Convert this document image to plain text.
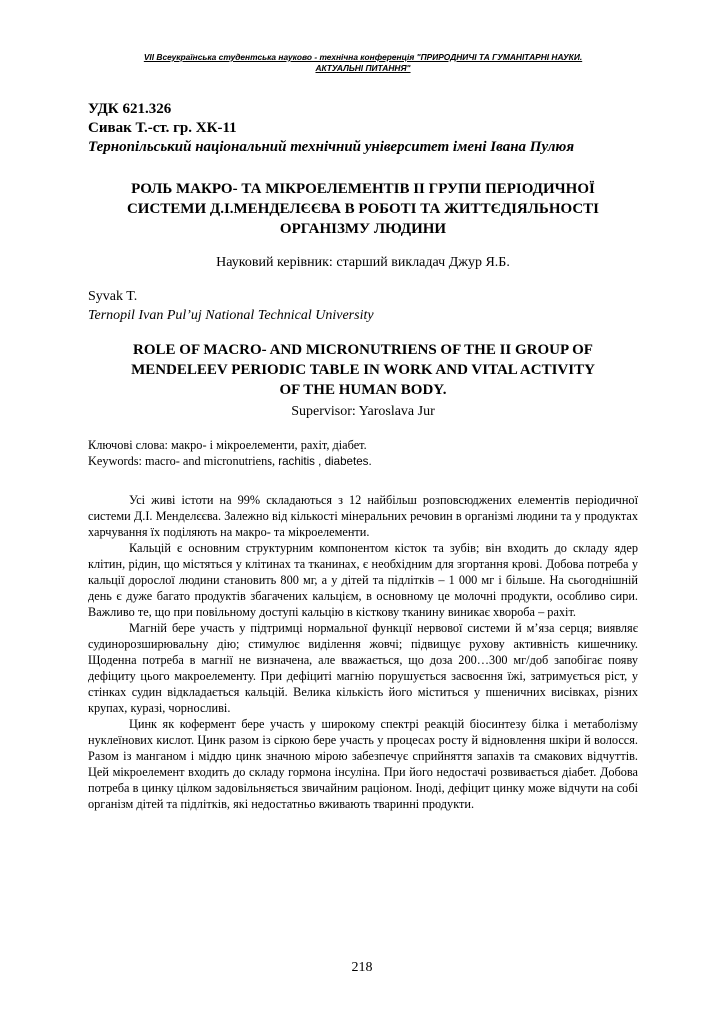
VII Всеукраїнська студентська науково - технічна конференція "ПРИРОДНИЧІ ТА ГУМАНІТАРНІ НАУКИ.
АКТУАЛЬНІ ПИТАННЯ"
УДК 621.326
Сивак Т.-ст. гр. ХК-11
Тернопільський національний технічний університет імені Івана Пулюя
РОЛЬ МАКРО- ТА МІКРОЕЛЕМЕНТІВ ІІ ГРУПИ ПЕРІОДИЧНОЇ
СИСТЕМИ Д.І.МЕНДЕЛЄЄВА В РОБОТІ ТА ЖИТТЄДІЯЛЬНОСТІ
ОРГАНІЗМУ ЛЮДИНИ
Науковий керівник: старший викладач Джур Я.Б.
Syvak T.
Ternopil Ivan Pul’uj National Technical University
ROLE OF MACRO- AND MICRONUTRIENS OF THE II GROUP OF
MENDELEEV PERIODIC TABLE IN WORK AND VITAL ACTIVITY
OF THE HUMAN BODY.
Supervisor: Yaroslava Jur
Ключові слова: макро- і мікроелементи, рахіт, діабет.
Keywords: macro- and micronutriens, rachitis , diabetes.

Усі живі істоти на 99% складаються з 12 найбільш розповсюджених елементів періодичної системи Д.І. Менделєєва. Залежно від кількості мінеральних речовин в організмі людини та у продуктах харчування їх поділяють на макро- та мікроелементи.

Кальцій є основним структурним компонентом кісток та зубів; він входить до складу ядер клітин, рідин, що містяться у клітинах та тканинах, є необхідним для згортання крові. Добова потреба у кальції дорослої людини становить 800 мг, а у дітей та підлітків – 1 000 мг і більше. На сьогоднішній день є дуже багато продуктів збагачених кальцієм, в основному це молочні продукти, особливо сири. Важливо те, що при повільному доступі кальцію в кісткову тканину виникає хвороба – рахіт.

Магній бере участь у підтримці нормальної функції нервової системи й м’яза серця; виявляє судинорозширювальну дію; стимулює виділення жовчі; підвищує рухову активність кишечнику. Щоденна потреба в магнії не визначена, але вважається, що доза 200…300 мг/доб запобігає появу дефіциту цього макроелементу. При дефіциті магнію порушується засвоєння їжі, затримується ріст, у стінках судин відкладається кальцій. Велика кількість його міститься у пшеничних висівках, різних крупах, куразі, чорносливі.

Цинк як кофермент бере участь у широкому спектрі реакцій біосинтезу білка і метаболізму нуклеїнових кислот. Цинк разом із сіркою бере участь у процесах росту й відновлення шкіри й волосся. Разом із манганом і міддю цинк значною мірою забезпечує сприйняття запахів та смакових відчуттів. Цей мікроелемент входить до складу гормона інсуліна. При його недостачі розвивається діабет. Добова потреба в цинку цілком задовільняється звичайним раціоном. Іноді, дефіцит цинку може відчути на собі організм дітей та підлітків, які недостатньо вживають тваринні продукти.

218
